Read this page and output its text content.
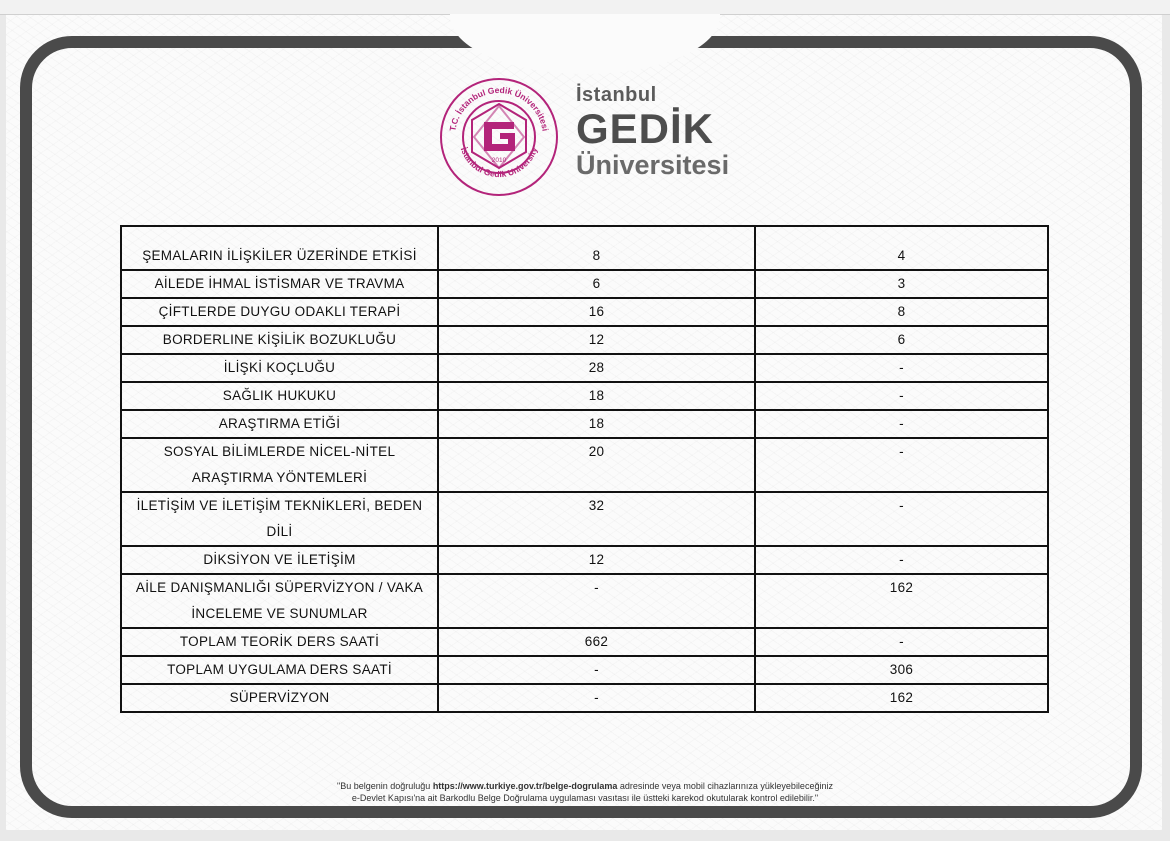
T.C. İstanbul Gedik Üniversitesi
İstanbul Gedik University
2010
İstanbul
GEDİK
Üniversitesi
ŞEMALARIN İLİŞKİLER ÜZERİNDE ETKİSİ	8	4
AİLEDE İHMAL İSTİSMAR VE TRAVMA	6	3
ÇİFTLERDE DUYGU ODAKLI TERAPİ	16	8
BORDERLINE KİŞİLİK BOZUKLUĞU	12	6
İLİŞKİ KOÇLUĞU	28	-
SAĞLIK HUKUKU	18	-
ARAŞTIRMA ETİĞİ	18	-

SOSYAL BİLİMLERDE NİCEL-NİTEL
ARAŞTIRMA YÖNTEMLERİ	20	-
İLETİŞİM VE İLETİŞİM TEKNİKLERİ, BEDEN DİLİ	32	-
DİKSİYON VE İLETİŞİM	12	-

AİLE DANIŞMANLIĞI SÜPERVİZYON / VAKA
İNCELEME VE SUNUMLAR	-	162
TOPLAM TEORİK DERS SAATİ	662	-
TOPLAM UYGULAMA DERS SAATİ	-	306
SÜPERVİZYON	-	162
"Bu belgenin doğruluğu https://www.turkiye.gov.tr/belge-dogrulama adresinde veya mobil cihazlarınıza yükleyebileceğiniz
e-Devlet Kapısı'na ait Barkodlu Belge Doğrulama uygulaması vasıtası ile üstteki karekod okutularak kontrol edilebilir."
